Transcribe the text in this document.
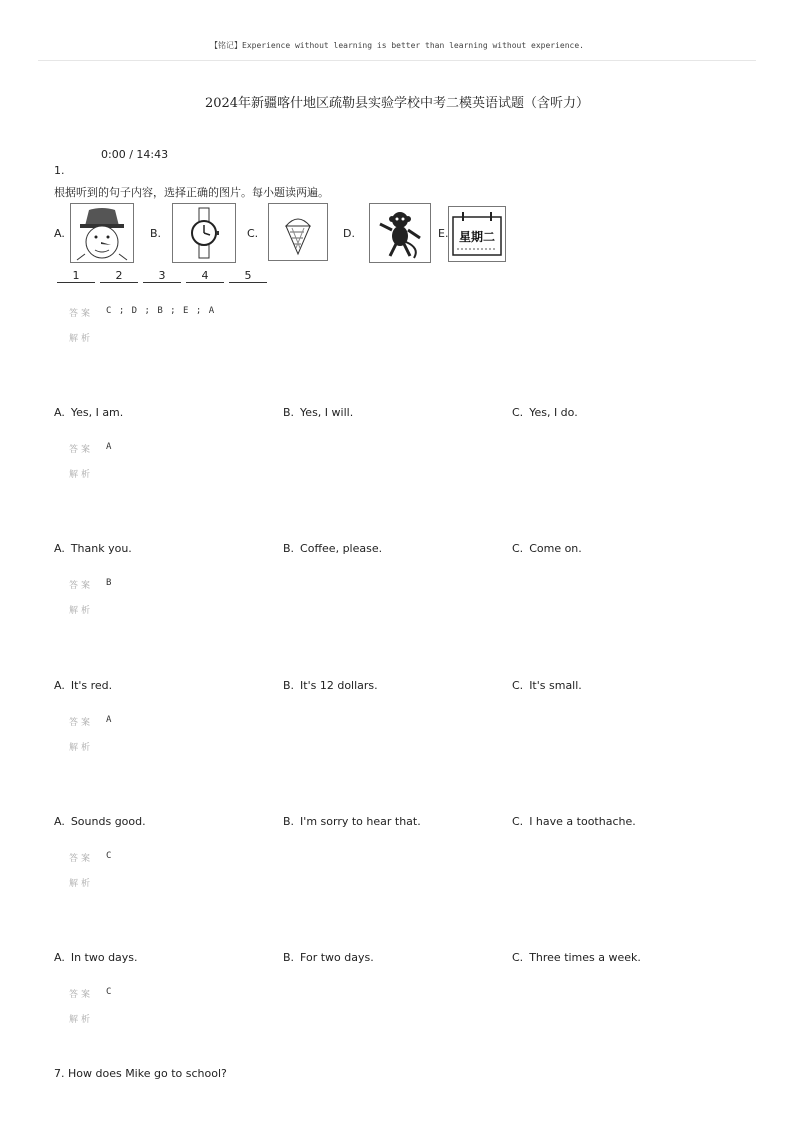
【铭记】Experience without learning is better than learning without experience.
2024年新疆喀什地区疏勒县实验学校中考二模英语试题（含听力）
0:00 / 14:43
1.
根据听到的句子内容，选择正确的图片。每小题读两遍。
A.	B.	C.	D.	E. 星期二
1	2	3	4	5
答案 C ; D ; B ; E ; A
解析
A. Yes, I am.	B. Yes, I will.	C. Yes, I do.
答案 A
解析
A. Thank you.	B. Coffee, please.	C. Come on.
答案 B
解析
A. It's red.	B. It's 12 dollars.	C. It's small.
答案 A
解析
A. Sounds good.	B. I'm sorry to hear that.	C. I have a toothache.
答案 C
解析
A. In two days.	B. For two days.	C. Three times a week.
答案 C
解析
7. How does Mike go to school?
